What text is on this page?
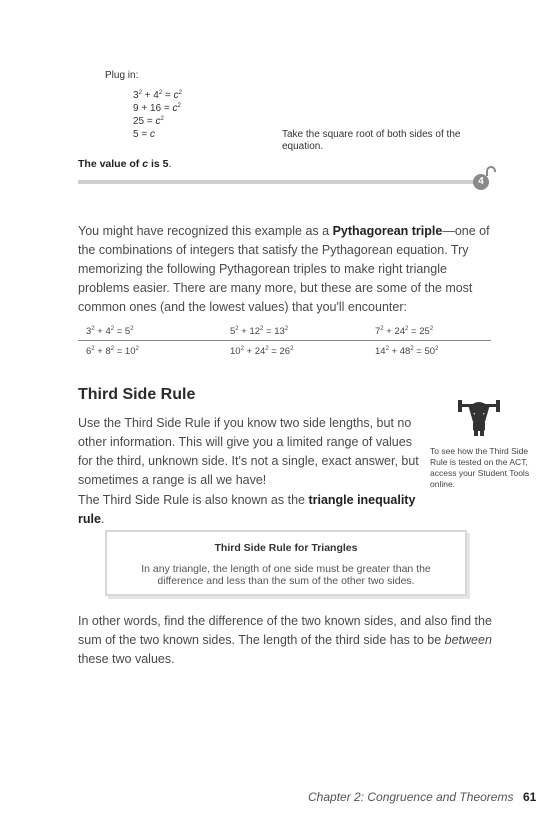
Plug in:
$3^2 + 4^2 = c^2$
$9 + 16 = c^2$
$25 = c^2$
5 = c	Take the square root of both sides of the equation.
The value of c is 5.
4
You might have recognized this example as a Pythagorean triple—one of the combinations of integers that satisfy the Pythagorean equation. Try memorizing the following Pythagorean triples to make right triangle problems easier. There are many more, but these are some of the most common ones (and the lowest values) that you'll encounter:
$3^2 + 4^2 = 5^2$	$5^2 + 12^2 = 13^2$	$7^2 + 24^2 = 25^2$
$6^2 + 8^2 = 10^2$	$10^2 + 24^2 = 26^2$	$14^2 + 48^2 = 50^2$
Third Side Rule
Use the Third Side Rule if you know two side lengths, but no other information. This will give you a limited range of values for the third, unknown side. It's not a single, exact answer, but sometimes a range is all we have!
The Third Side Rule is also known as the triangle inequality rule.
To see how the Third Side Rule is tested on the ACT, access your Student Tools online.
Third Side Rule for Triangles
In any triangle, the length of one side must be greater than the difference and less than the sum of the other two sides.
In other words, find the difference of the two known sides, and also find the sum of the two known sides. The length of the third side has to be between these two values.
Chapter 2: Congruence and Theorems 61
